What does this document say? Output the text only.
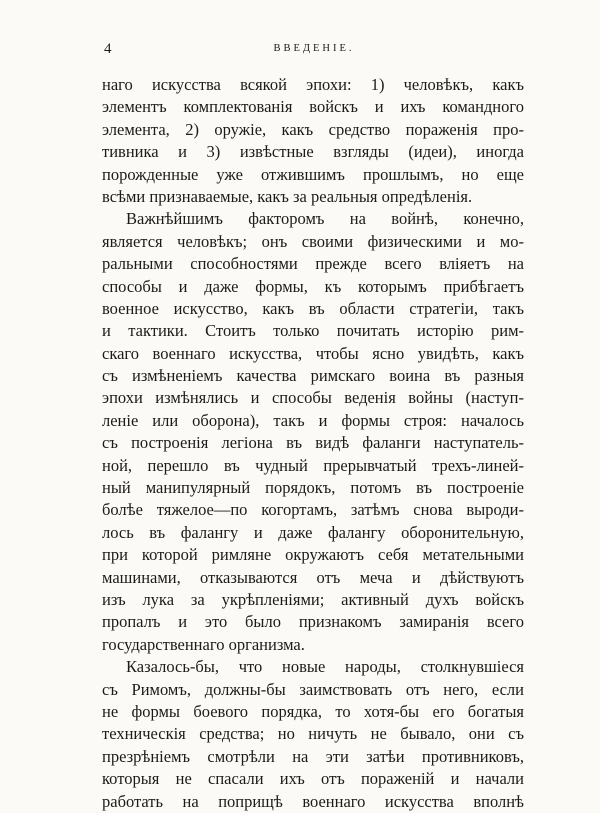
4	ВВЕДЕНIЕ.
наго искусства всякой эпохи: 1) человѣкъ, какъ
элементъ комплектованія войскъ и ихъ командного
элемента, 2) оружіе, какъ средство пораженія про-
тивника и 3) извѣстные взгляды (идеи), иногда
порожденные уже отжившимъ прошлымъ, но еще
всѣми признаваемые, какъ за реальныя опредѣленія.
Важнѣйшимъ факторомъ на войнѣ, конечно,
является человѣкъ; онъ своими физическими и мо-
ральными способностями прежде всего вліяетъ на
способы и даже формы, къ которымъ прибѣгаетъ
военное искусство, какъ въ области стратегіи, такъ
и тактики. Стоитъ только почитать исторію рим-
скаго военнаго искусства, чтобы ясно увидѣть, какъ
съ измѣненіемъ качества римскаго воина въ разныя
эпохи измѣнялись и способы веденія войны (наступ-
леніе или оборона), такъ и формы строя: началось
съ построенія легіона въ видѣ фаланги наступатель-
ной, перешло въ чудный прерывчатый трехъ-линей-
ный манипулярный порядокъ, потомъ въ построеніе
болѣе тяжелое—по когортамъ, затѣмъ снова выроди-
лось въ фалангу и даже фалангу оборонительную,
при которой римляне окружаютъ себя метательными
машинами, отказываются отъ меча и дѣйствуютъ
изъ лука за укрѣпленіями; активный духъ войскъ
пропалъ и это было признакомъ замиранія всего
государственнаго организма.
Казалось-бы, что новые народы, столкнувшіеся
съ Римомъ, должны-бы заимствовать отъ него, если
не формы боевого порядка, то хотя-бы его богатыя
техническія средства; но ничуть не бывало, они съ
презрѣніемъ смотрѣли на эти затѣи противниковъ,
которыя не спасали ихъ отъ пораженій и начали
работать на поприщѣ военнаго искусства вполнѣ
